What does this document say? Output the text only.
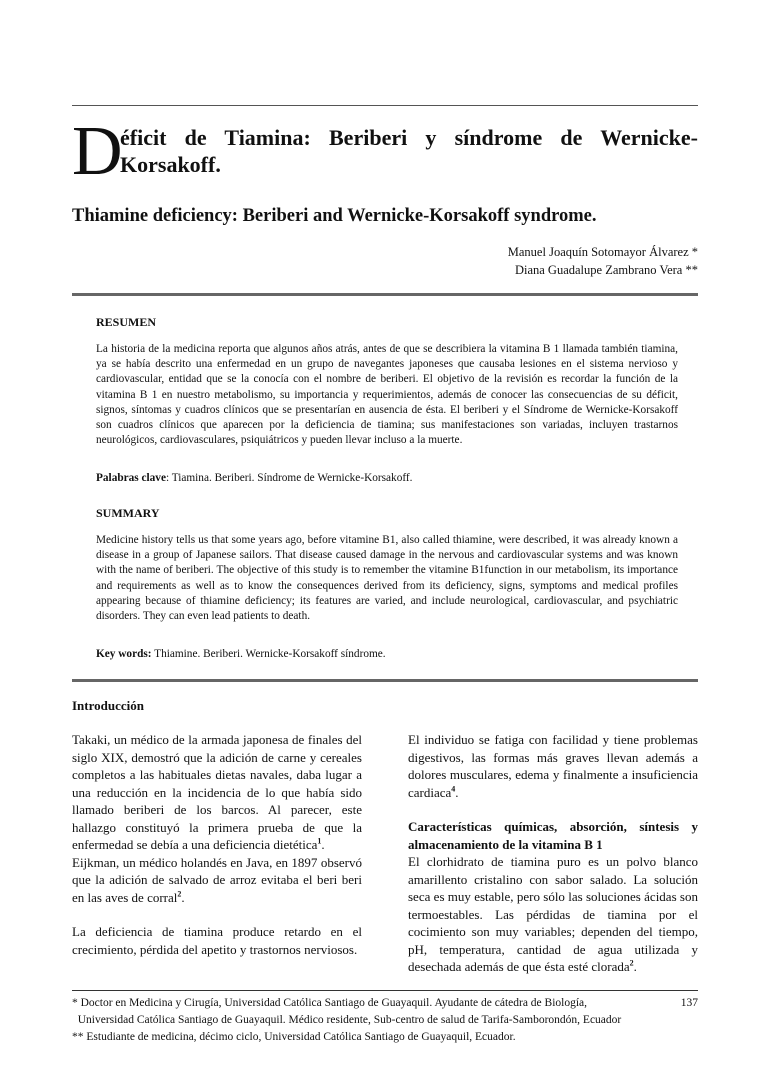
D
éficit de Tiamina: Beriberi y síndrome de Wernicke-Korsakoff.
Thiamine deficiency: Beriberi and Wernicke-Korsakoff syndrome.
Manuel Joaquín Sotomayor Álvarez *
Diana Guadalupe Zambrano Vera **
RESUMEN
La historia de la medicina reporta que algunos años atrás, antes de que se describiera la vitamina B 1 llamada también tiamina, ya se había descrito una enfermedad en un grupo de navegantes japoneses que causaba lesiones en el sistema nervioso y cardiovascular, entidad que se la conocía con el nombre de beriberi. El objetivo de la revisión es recordar la función de la vitamina B 1 en nuestro metabolismo, su importancia y requerimientos, además de conocer las consecuencias de su déficit, signos, síntomas y cuadros clínicos que se presentarían en ausencia de ésta. El beriberi y el Síndrome de Wernicke-Korsakoff son cuadros clínicos que aparecen por la deficiencia de tiamina; sus manifestaciones son variadas, incluyen trastarnos neurológicos, cardiovasculares, psiquiátricos y pueden llevar incluso a la muerte.
Palabras clave: Tiamina. Beriberi. Síndrome de Wernicke-Korsakoff.
SUMMARY
Medicine history tells us that some years ago, before vitamine B1, also called thiamine, were described, it was already known a disease in a group of Japanese sailors. That disease caused damage in the nervous and cardiovascular systems and was known with the name of beriberi. The objective of this study is to remember the vitamine B1function in our metabolism, its importance and requirements as well as to know the consequences derived from its deficiency, signs, symptoms and medical profiles appearing because of thiamine deficiency; its features are varied, and include neurological, cardiovascular, and psychiatric disorders. They can even lead patients to death.
Key words: Thiamine. Beriberi. Wernicke-Korsakoff síndrome.
Introducción

Takaki, un médico de la armada japonesa de finales del siglo XIX, demostró que la adición de carne y cereales completos a las habituales dietas navales, daba lugar a una reducción en la incidencia de lo que había sido llamado beriberi de los barcos. Al parecer, este hallazgo constituyó la primera prueba de que la enfermedad se debía a una deficiencia dietética$^1$.

Eijkman, un médico holandés en Java, en 1897 observó que la adición de salvado de arroz evitaba el beri beri en las aves de corral$^2$.

La deficiencia de tiamina produce retardo en el crecimiento, pérdida del apetito y trastornos nerviosos.

El individuo se fatiga con facilidad y tiene problemas digestivos, las formas más graves llevan además a dolores musculares, edema y finalmente a insuficiencia cardiaca$^4$.

Características químicas, absorción, síntesis y almacenamiento de la vitamina B 1

El clorhidrato de tiamina puro es un polvo blanco amarillento cristalino con sabor salado. La solución seca es muy estable, pero sólo las soluciones ácidas son termoestables. Las pérdidas de tiamina por el cocimiento son muy variables; dependen del tiempo, pH, temperatura, cantidad de agua utilizada y desechada además de que ésta esté clorada$^2$.

* Doctor en Medicina y Cirugía, Universidad Católica Santiago de Guayaquil. Ayudante de cátedra de Biología,	137
Universidad Católica Santiago de Guayaquil. Médico residente, Sub-centro de salud de Tarifa-Samborondón, Ecuador
** Estudiante de medicina, décimo ciclo, Universidad Católica Santiago de Guayaquil, Ecuador.
